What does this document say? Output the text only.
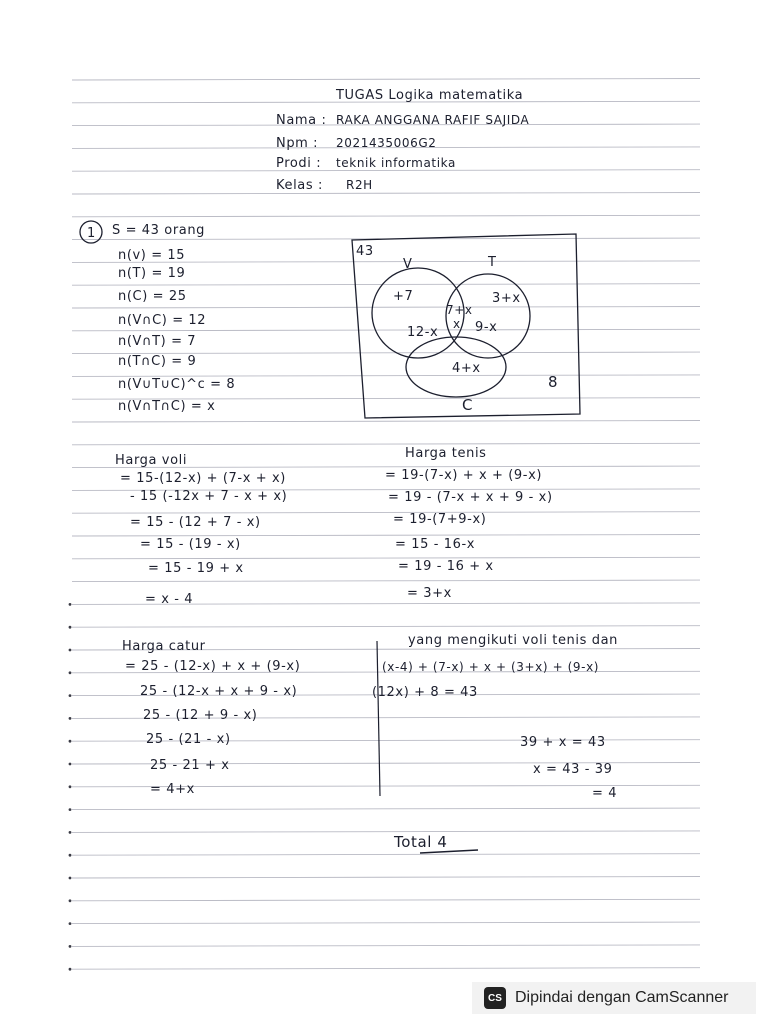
TUGAS Logika matematika
Nama : RAKA ANGGANA RAFIF SAJIDA
Npm : 2021435006G2
Prodi : teknik informatika
Kelas : R2H
1 S = 43 orang
n(v) = 15
n(T) = 19
n(C) = 25
n(V∩C) = 12
n(V∩T) = 7
n(T∩C) = 9
n(V∪T∪C)^c = 8
n(V∩T∩C) = x
43
V	T
C
+7	3+x
x
7+x
9-x
12-x
4+x
8
Harga voli
= 15-(12-x) + (7-x + x)
- 15 (-12x + 7 - x + x)
= 15 - (12 + 7 - x)
= 15 - (19 - x)
= 15 - 19 + x
= x - 4
Harga tenis
= 19-(7-x) + x + (9-x)
= 19 - (7-x + x + 9 - x)
= 19-(7+9-x)
= 15 - 16-x
= 19 - 16 + x
= 3+x
Harga catur
= 25 - (12-x) + x + (9-x)
25 - (12-x + x + 9 - x)
25 - (12 + 9 - x)
25 - (21 - x)
25 - 21 + x
= 4+x
yang mengikuti voli tenis dan
(x-4) + (7-x) + x + (3+x) + (9-x)
(12x) + 8 = 43
39 + x = 43
x = 43 - 39
= 4
Total 4
CS Dipindai dengan CamScanner
